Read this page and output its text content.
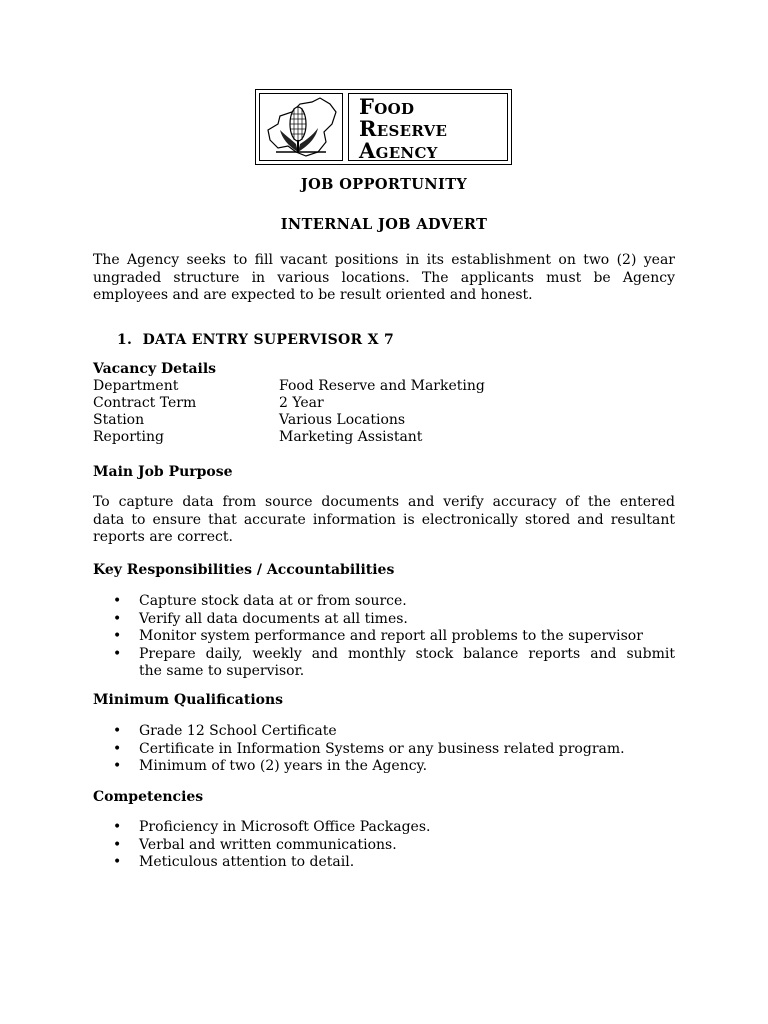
FOOD
RESERVE
AGENCY
JOB OPPORTUNITY
INTERNAL JOB ADVERT
The Agency seeks to fill vacant positions in its establishment on two (2) year
ungraded structure in various locations. The applicants must be Agency
employees and are expected to be result oriented and honest.
1. DATA ENTRY SUPERVISOR X 7
Vacancy Details
Department	Food Reserve and Marketing
Contract Term	2 Year
Station	Various Locations
Reporting	Marketing Assistant
Main Job Purpose
To capture data from source documents and verify accuracy of the entered
data to ensure that accurate information is electronically stored and resultant
reports are correct.
Key Responsibilities / Accountabilities
• Capture stock data at or from source.
• Verify all data documents at all times.
• Monitor system performance and report all problems to the supervisor
• Prepare daily, weekly and monthly stock balance reports and submit
the same to supervisor.
Minimum Qualifications
• Grade 12 School Certificate
• Certificate in Information Systems or any business related program.
• Minimum of two (2) years in the Agency.
Competencies
• Proficiency in Microsoft Office Packages.
• Verbal and written communications.
• Meticulous attention to detail.
